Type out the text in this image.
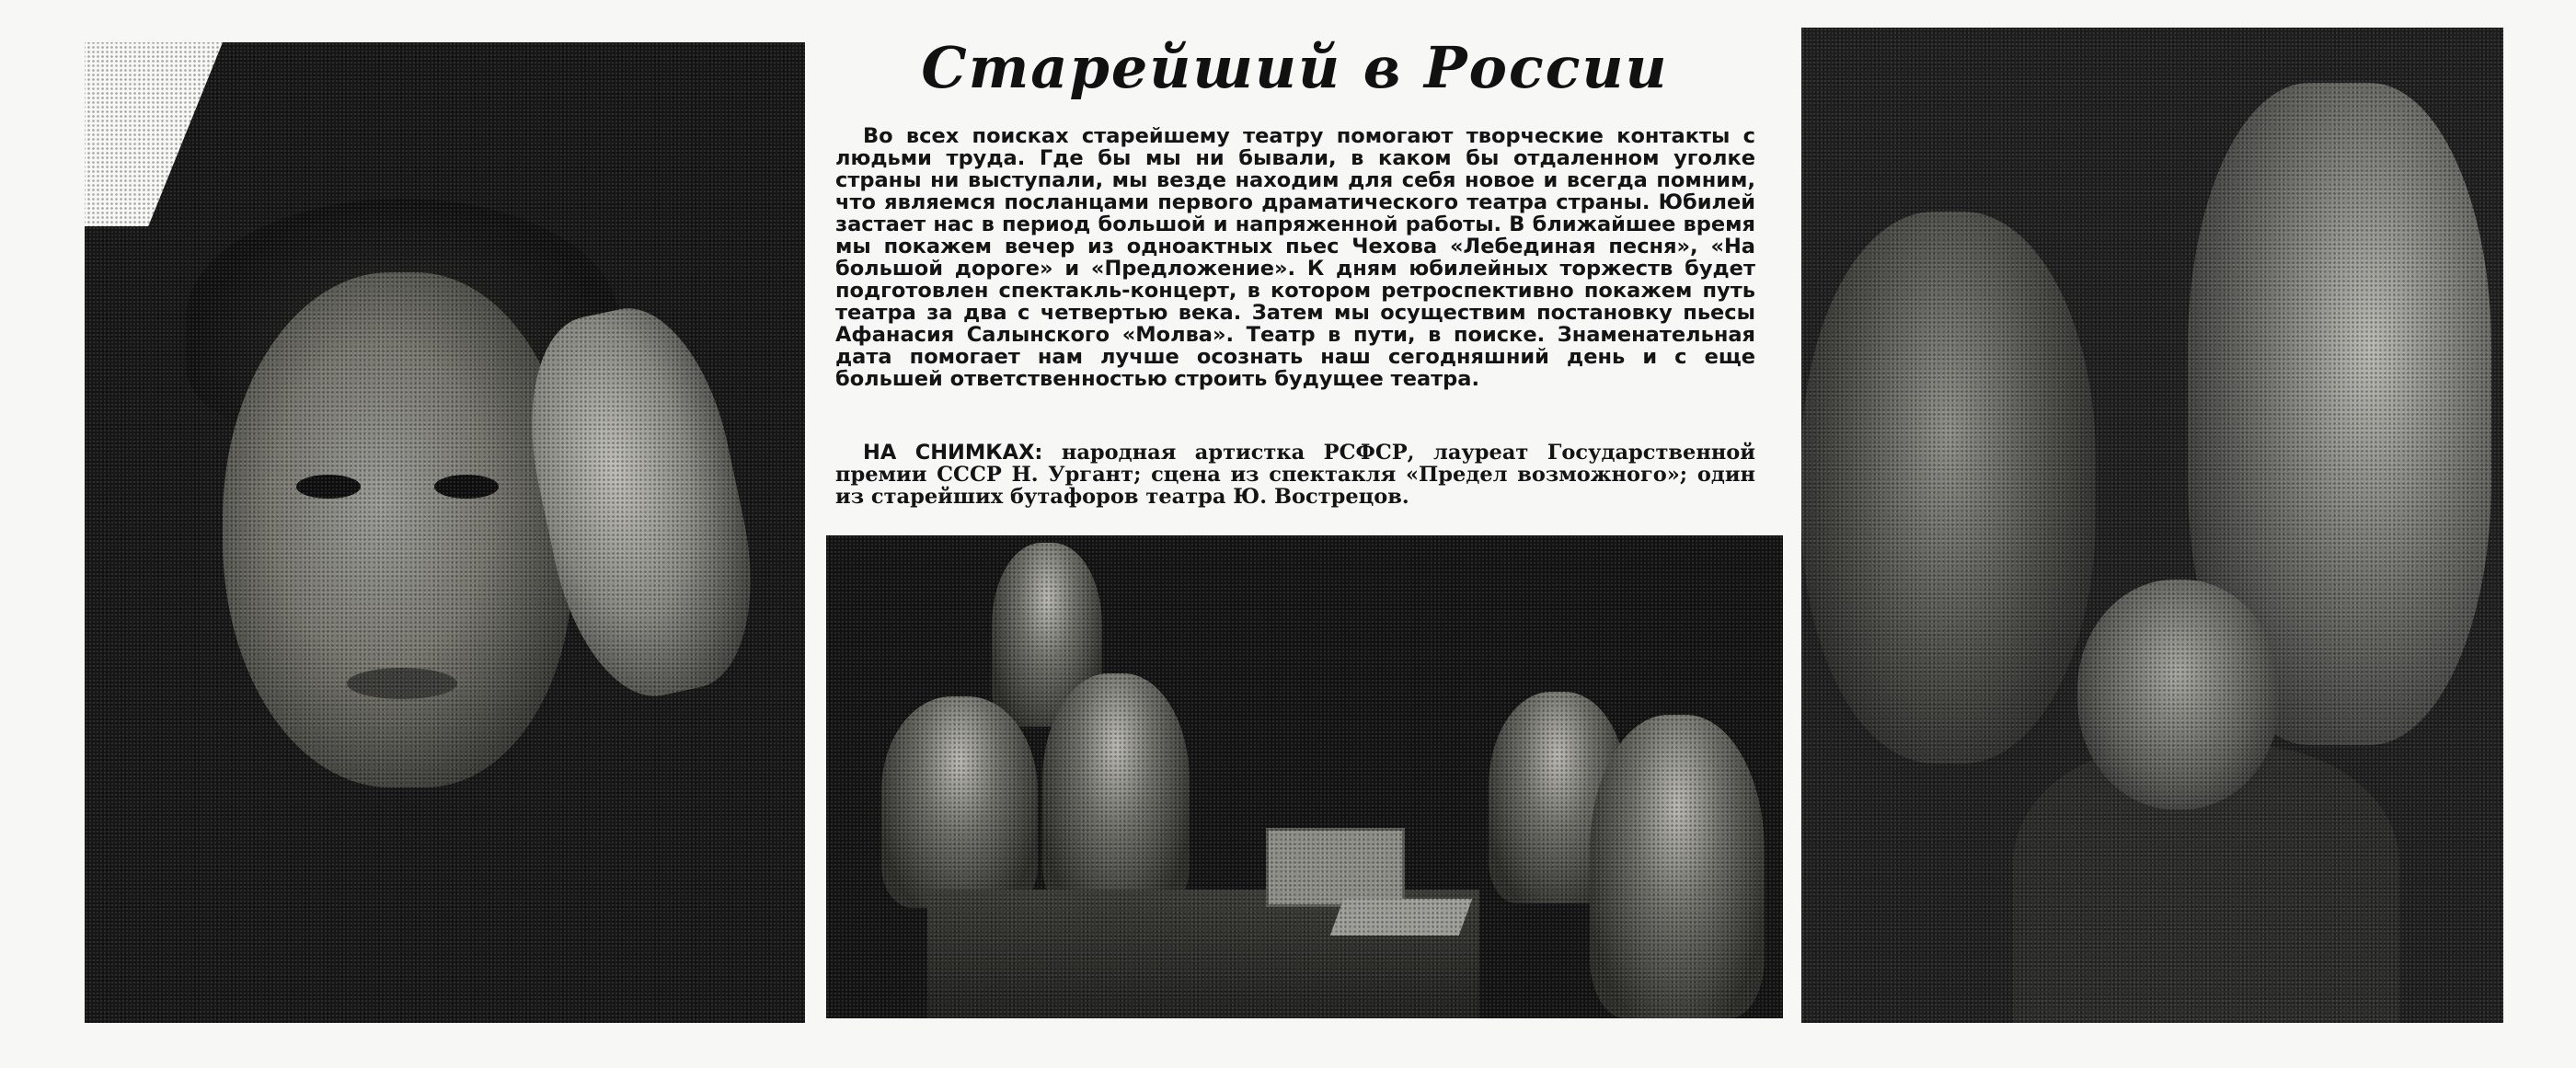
Старейший в России

Во всех поисках старейшему театру помогают творческие контакты с людьми труда. Где бы мы ни бывали, в каком бы отдаленном уголке страны ни выступали, мы везде находим для себя новое и всегда помним, что являемся посланцами первого драматического театра страны. Юбилей застает нас в период большой и напряженной работы. В ближайшее время мы покажем вечер из одноактных пьес Чехова «Лебединая песня», «На большой дороге» и «Предложение». К дням юбилейных торжеств будет подготовлен спектакль-концерт, в котором ретроспективно покажем путь театра за два с четвертью века. Затем мы осуществим постановку пьесы Афанасия Салынского «Молва». Театр в пути, в поиске. Знаменательная дата помогает нам лучше осознать наш сегодняшний день и с еще большей ответственностью строить будущее театра.

НА СНИМКАХ: народная артистка РСФСР, лауреат Государственной премии СССР Н. Ургант; сцена из спектакля «Предел возможного»; один из старейших бутафоров театра Ю. Вострецов.
